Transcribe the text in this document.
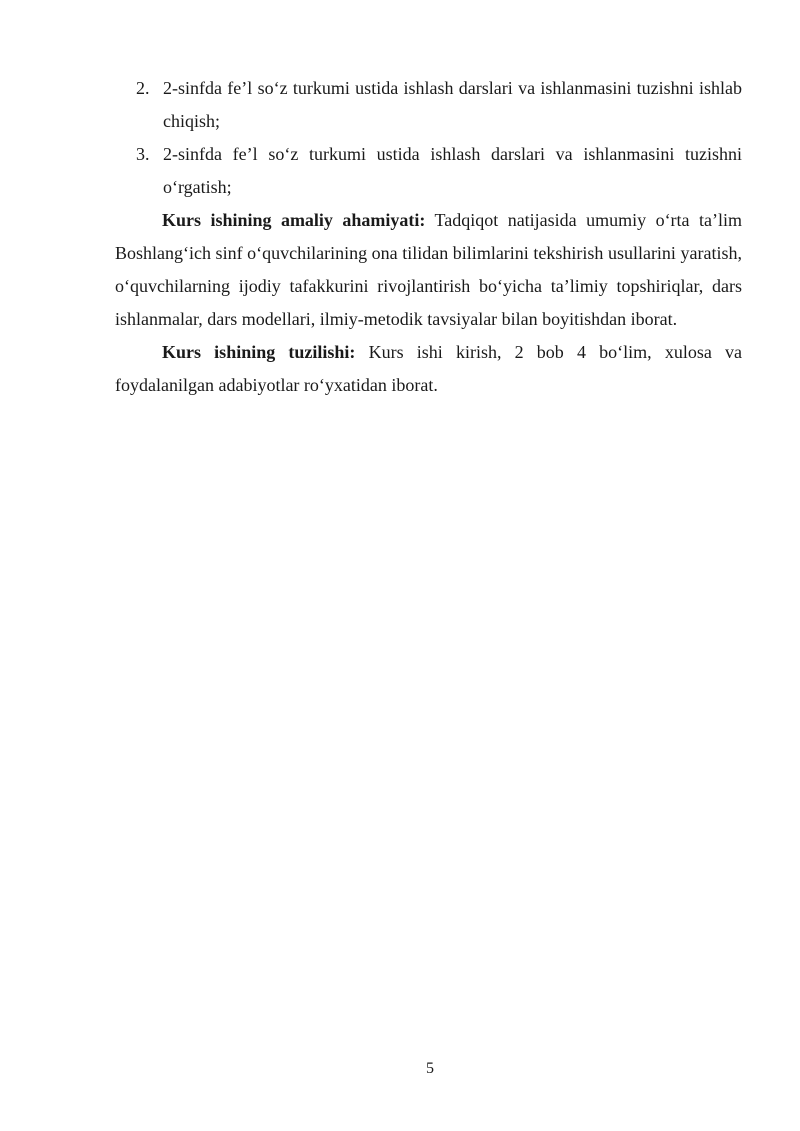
2. 2-sinfda fe’l so‘z turkumi ustida ishlash darslari va ishlanmasini tuzishni ishlab chiqish;
3. 2-sinfda fe’l so‘z turkumi ustida ishlash darslari va ishlanmasini tuzishni o‘rgatish;

Kurs ishining amaliy ahamiyati: Tadqiqot natijasida umumiy o‘rta ta’lim Boshlang‘ich sinf o‘quvchilarining ona tilidan bilimlarini tekshirish usullarini yaratish, o‘quvchilarning ijodiy tafakkurini rivojlantirish bo‘yicha ta’limiy topshiriqlar, dars ishlanmalar, dars modellari, ilmiy-metodik tavsiyalar bilan boyitishdan iborat.

Kurs ishining tuzilishi: Kurs ishi kirish, 2 bob 4 bo‘lim, xulosa va foydalanilgan adabiyotlar ro‘yxatidan iborat.

5
